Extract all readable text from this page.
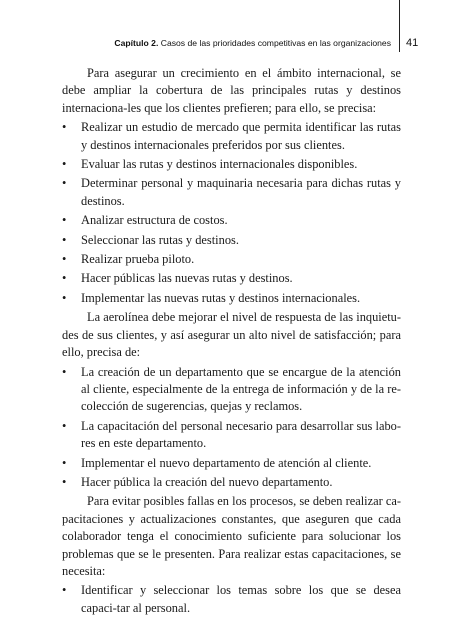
Capítulo 2. Casos de las prioridades competitivas en las organizaciones 41

Para asegurar un crecimiento en el ámbito internacional, se debe ampliar la cobertura de las principales rutas y destinos internaciona-les que los clientes prefieren; para ello, se precisa:

• Realizar un estudio de mercado que permita identificar las rutas y destinos internacionales preferidos por sus clientes.
• Evaluar las rutas y destinos internacionales disponibles.
• Determinar personal y maquinaria necesaria para dichas rutas y destinos.
• Analizar estructura de costos.
• Seleccionar las rutas y destinos.
• Realizar prueba piloto.
• Hacer públicas las nuevas rutas y destinos.
• Implementar las nuevas rutas y destinos internacionales.

La aerolínea debe mejorar el nivel de respuesta de las inquietu-des de sus clientes, y así asegurar un alto nivel de satisfacción; para ello, precisa de:

• La creación de un departamento que se encargue de la atención al cliente, especialmente de la entrega de información y de la re-colección de sugerencias, quejas y reclamos.
• La capacitación del personal necesario para desarrollar sus labo-res en este departamento.
• Implementar el nuevo departamento de atención al cliente.
• Hacer pública la creación del nuevo departamento.

Para evitar posibles fallas en los procesos, se deben realizar ca-pacitaciones y actualizaciones constantes, que aseguren que cada colaborador tenga el conocimiento suficiente para solucionar los problemas que se le presenten. Para realizar estas capacitaciones, se necesita:

• Identificar y seleccionar los temas sobre los que se desea capaci-tar al personal.
